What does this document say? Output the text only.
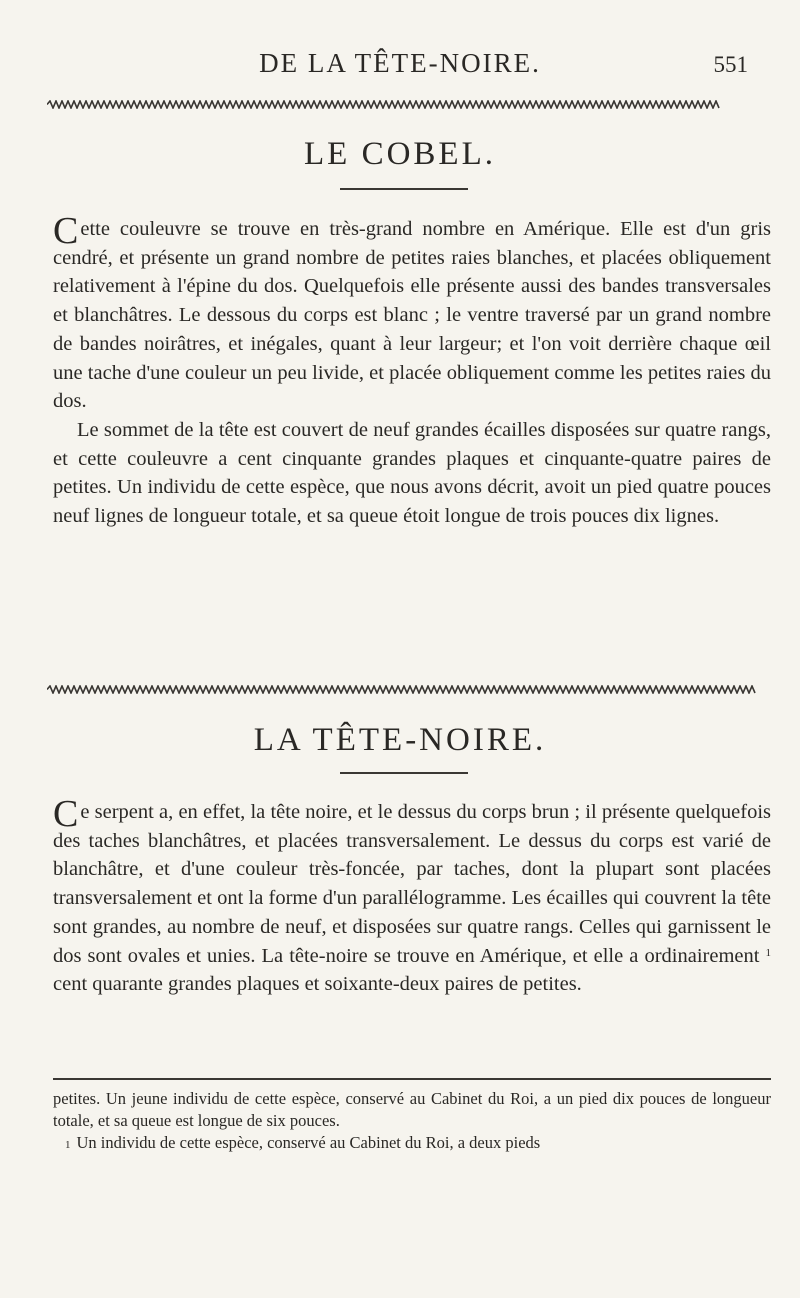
DE LA TÊTE-NOIRE.	551
LE COBEL.

Cette couleuvre se trouve en très-grand nombre en Amérique. Elle est d'un gris cendré, et présente un grand nombre de petites raies blanches, et placées obliquement relativement à l'épine du dos. Quelquefois elle présente aussi des bandes transversales et blanchâtres. Le dessous du corps est blanc ; le ventre traversé par un grand nombre de bandes noirâtres, et inégales, quant à leur largeur; et l'on voit derrière chaque œil une tache d'une couleur un peu livide, et placée obliquement comme les petites raies du dos.

Le sommet de la tête est couvert de neuf grandes écailles disposées sur quatre rangs, et cette couleuvre a cent cinquante grandes plaques et cinquante-quatre paires de petites. Un individu de cette espèce, que nous avons décrit, avoit un pied quatre pouces neuf lignes de longueur totale, et sa queue étoit longue de trois pouces dix lignes.

LA TÊTE-NOIRE.

Ce serpent a, en effet, la tête noire, et le dessus du corps brun ; il présente quelquefois des taches blanchâtres, et placées transversalement. Le dessus du corps est varié de blanchâtre, et d'une couleur très-foncée, par taches, dont la plupart sont placées transversalement et ont la forme d'un parallélogramme. Les écailles qui couvrent la tête sont grandes, au nombre de neuf, et disposées sur quatre rangs. Celles qui garnissent le dos sont ovales et unies. La tête-noire se trouve en Amérique, et elle a ordinairement $^1$ cent quarante grandes plaques et soixante-deux paires de petites.

petites. Un jeune individu de cette espèce, conservé au Cabinet du Roi, a un pied dix pouces de longueur totale, et sa queue est longue de six pouces.

$^1$ Un individu de cette espèce, conservé au Cabinet du Roi, a deux pieds
